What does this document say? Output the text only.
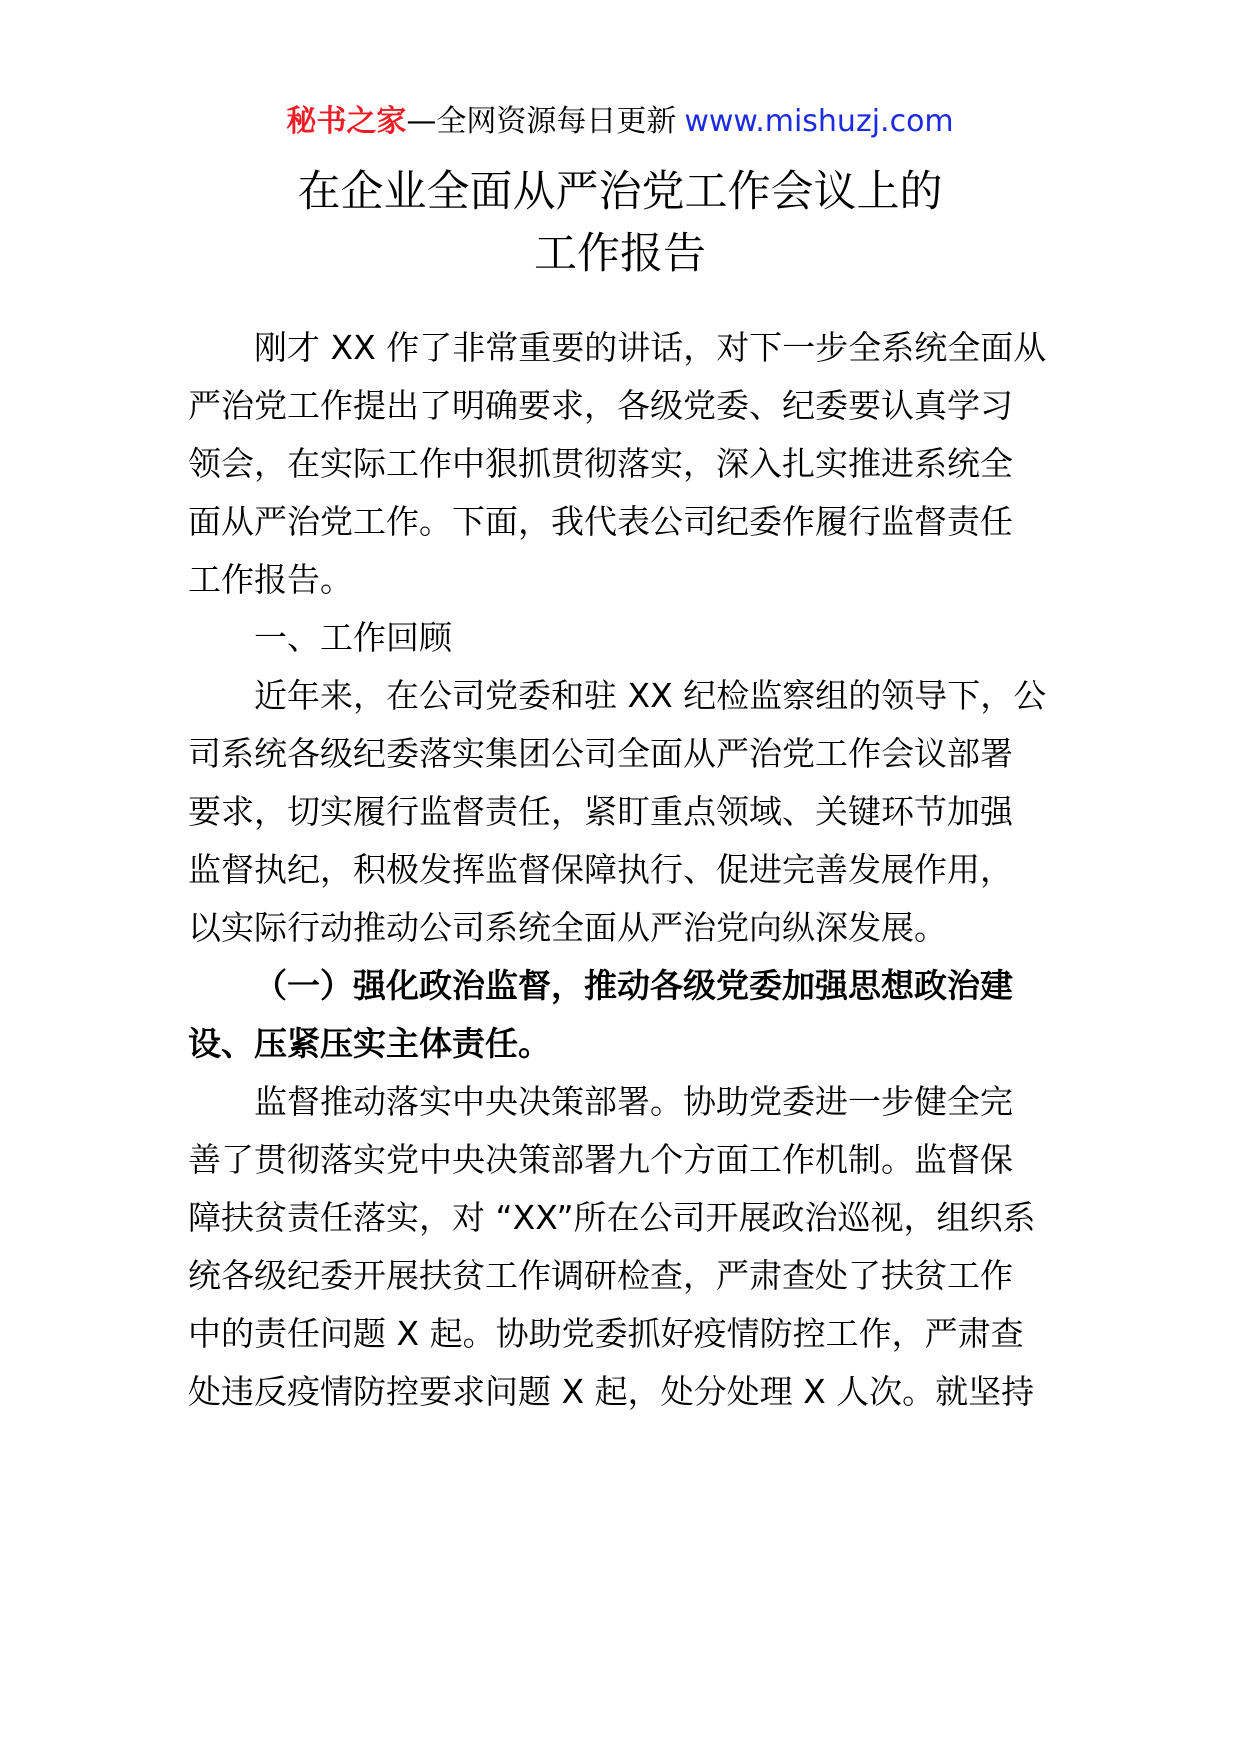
秘书之家—全网资源每日更新 www.mishuzj.com
在企业全面从严治党工作会议上的
工作报告
刚才 XX 作了非常重要的讲话，对下一步全系统全面从
严治党工作提出了明确要求，各级党委、纪委要认真学习
领会，在实际工作中狠抓贯彻落实，深入扎实推进系统全
面从严治党工作。下面，我代表公司纪委作履行监督责任
工作报告。
一、工作回顾
近年来，在公司党委和驻 XX 纪检监察组的领导下，公
司系统各级纪委落实集团公司全面从严治党工作会议部署
要求，切实履行监督责任，紧盯重点领域、关键环节加强
监督执纪，积极发挥监督保障执行、促进完善发展作用，
以实际行动推动公司系统全面从严治党向纵深发展。
（一）强化政治监督，推动各级党委加强思想政治建
设、压紧压实主体责任。
监督推动落实中央决策部署。协助党委进一步健全完
善了贯彻落实党中央决策部署九个方面工作机制。监督保
障扶贫责任落实，对 “XX”所在公司开展政治巡视，组织系
统各级纪委开展扶贫工作调研检查，严肃查处了扶贫工作
中的责任问题 X 起。协助党委抓好疫情防控工作，严肃查
处违反疫情防控要求问题 X 起，处分处理 X 人次。就坚持
